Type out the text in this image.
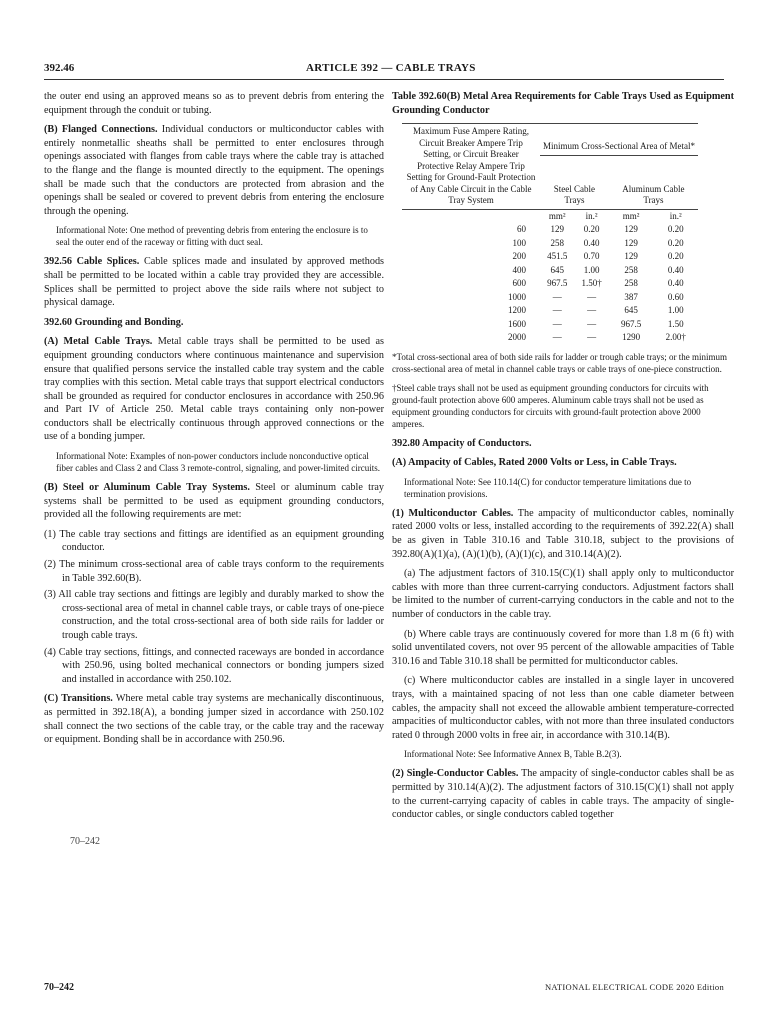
392.46	ARTICLE 392 — CABLE TRAYS

the outer end using an approved means so as to prevent debris from entering the equipment through the conduit or tubing.

(B) Flanged Connections. Individual conductors or multiconductor cables with entirely nonmetallic sheaths shall be permitted to enter enclosures through openings associated with flanges from cable trays where the cable tray is attached to the flange and the flange is mounted directly to the equipment. The openings shall be made such that the conductors are protected from abrasion and the openings shall be sealed or covered to prevent debris from entering the enclosure through the opening.

Informational Note: One method of preventing debris from entering the enclosure is to seal the outer end of the raceway or fitting with duct seal.

392.56 Cable Splices. Cable splices made and insulated by approved methods shall be permitted to be located within a cable tray provided they are accessible. Splices shall be permitted to project above the side rails where not subject to physical damage.

392.60 Grounding and Bonding.

(A) Metal Cable Trays. Metal cable trays shall be permitted to be used as equipment grounding conductors where continuous maintenance and supervision ensure that qualified persons service the installed cable tray system and the cable tray complies with this section. Metal cable trays that support electrical conductors shall be grounded as required for conductor enclosures in accordance with 250.96 and Part IV of Article 250. Metal cable trays containing only non-power conductors shall be electrically continuous through approved connections or the use of a bonding jumper.

Informational Note: Examples of non-power conductors include nonconductive optical fiber cables and Class 2 and Class 3 remote-control, signaling, and power-limited circuits.

(B) Steel or Aluminum Cable Tray Systems. Steel or aluminum cable tray systems shall be permitted to be used as equipment grounding conductors, provided all the following requirements are met:

(1) The cable tray sections and fittings are identified as an equipment grounding conductor.

(2) The minimum cross-sectional area of cable trays conform to the requirements in Table 392.60(B).

(3) All cable tray sections and fittings are legibly and durably marked to show the cross-sectional area of metal in channel cable trays, or cable trays of one-piece construction, and the total cross-sectional area of both side rails for ladder or trough cable trays.

(4) Cable tray sections, fittings, and connected raceways are bonded in accordance with 250.96, using bolted mechanical connectors or bonding jumpers sized and installed in accordance with 250.102.

(C) Transitions. Where metal cable tray systems are mechanically discontinuous, as permitted in 392.18(A), a bonding jumper sized in accordance with 250.102 shall connect the two sections of the cable tray, or the cable tray and the raceway or equipment. Bonding shall be in accordance with 250.96.

70–242

Table 392.60(B) Metal Area Requirements for Cable Trays Used as Equipment Grounding Conductor

Maximum Fuse Ampere Rating, Circuit Breaker Ampere Trip Setting, or Circuit Breaker Protective Relay Ampere Trip Setting for Ground-Fault Protection of Any Cable Circuit in the Cable Tray System	Minimum Cross-Sectional Area of Metal*			
	Steel Cable Trays		Aluminum Cable Trays	
	mm²	in.²	mm²	in.²
60	129	0.20	129	0.20
100	258	0.40	129	0.20
200	451.5	0.70	129	0.20
400	645	1.00	258	0.40
600	967.5	1.50†	258	0.40
1000	—	—	387	0.60
1200	—	—	645	1.00
1600	—	—	967.5	1.50
2000	—	—	1290	2.00†

*Total cross-sectional area of both side rails for ladder or trough cable trays; or the minimum cross-sectional area of metal in channel cable trays or cable trays of one-piece construction.

†Steel cable trays shall not be used as equipment grounding conductors for circuits with ground-fault protection above 600 amperes. Aluminum cable trays shall not be used as equipment grounding conductors for circuits with ground-fault protection above 2000 amperes.

392.80 Ampacity of Conductors.

(A) Ampacity of Cables, Rated 2000 Volts or Less, in Cable Trays.

Informational Note: See 110.14(C) for conductor temperature limitations due to termination provisions.

(1) Multiconductor Cables. The ampacity of multiconductor cables, nominally rated 2000 volts or less, installed according to the requirements of 392.22(A) shall be as given in Table 310.16 and Table 310.18, subject to the provisions of 392.80(A)(1)(a), (A)(1)(b), (A)(1)(c), and 310.14(A)(2).

(a) The adjustment factors of 310.15(C)(1) shall apply only to multiconductor cables with more than three current-carrying conductors. Adjustment factors shall be limited to the number of current-carrying conductors in the cable and not to the number of conductors in the cable tray.

(b) Where cable trays are continuously covered for more than 1.8 m (6 ft) with solid unventilated covers, not over 95 percent of the allowable ampacities of Table 310.16 and Table 310.18 shall be permitted for multiconductor cables.

(c) Where multiconductor cables are installed in a single layer in uncovered trays, with a maintained spacing of not less than one cable diameter between cables, the ampacity shall not exceed the allowable ambient temperature-corrected ampacities of multiconductor cables, with not more than three insulated conductors rated 0 through 2000 volts in free air, in accordance with 310.14(B).

Informational Note: See Informative Annex B, Table B.2(3).

(2) Single-Conductor Cables. The ampacity of single-conductor cables shall be as permitted by 310.14(A)(2). The adjustment factors of 310.15(C)(1) shall not apply to the current-carrying capacity of cables in cable trays. The ampacity of single-conductor cables, or single conductors cabled together

70–242	NATIONAL ELECTRICAL CODE 2020 Edition
